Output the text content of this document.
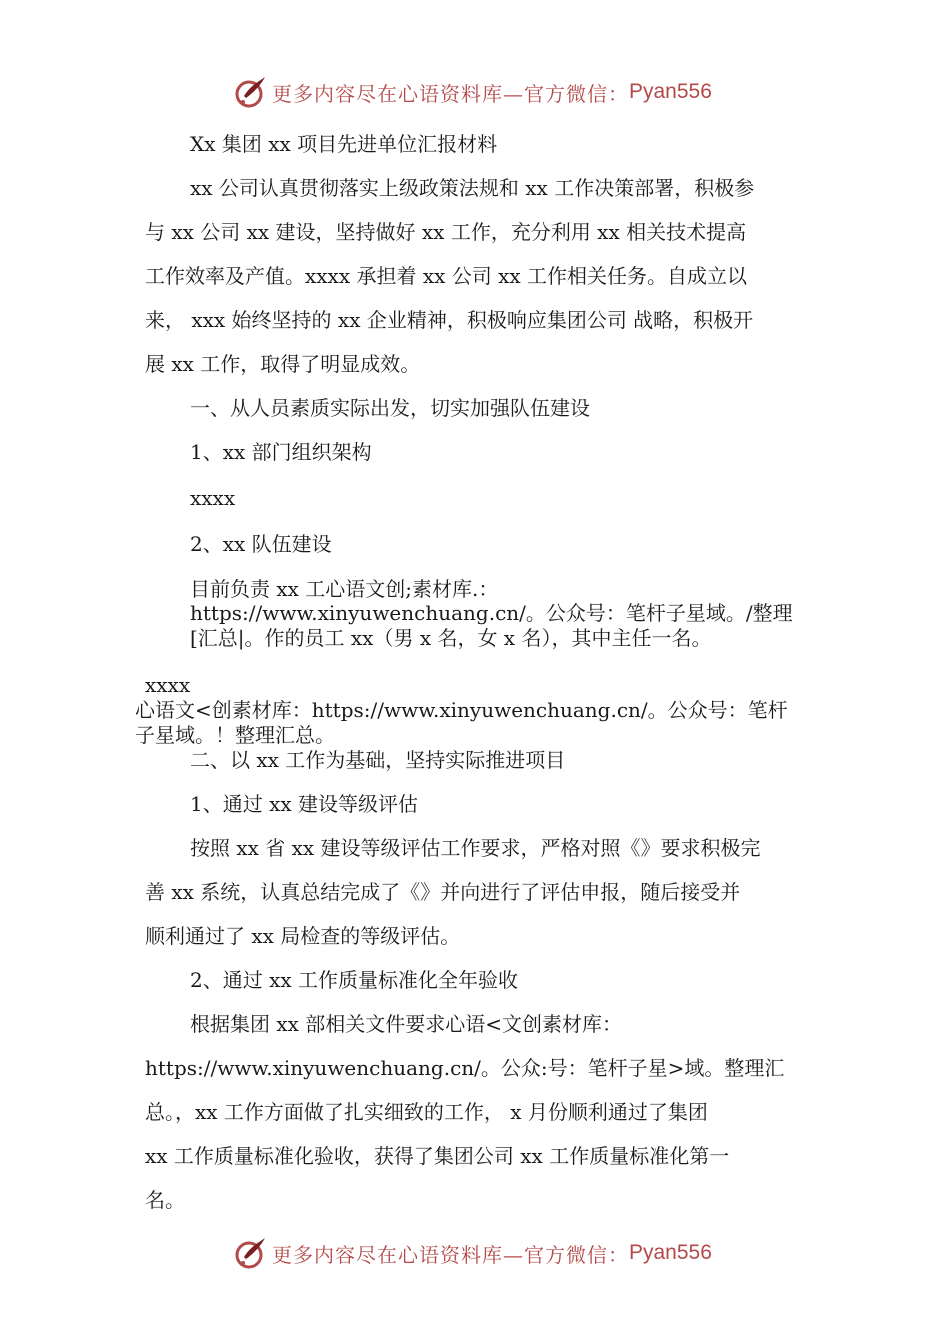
更多内容尽在心语资料库—官方微信： Pyan556
Xx 集团 xx 项目先进单位汇报材料
xx 公司认真贯彻落实上级政策法规和 xx 工作决策部署，积极参
与 xx 公司 xx 建设，坚持做好 xx 工作，充分利用 xx 相关技术提高
工作效率及产值。xxxx 承担着 xx 公司 xx 工作相关任务。自成立以
来， xxx 始终坚持的 xx 企业精神，积极响应集团公司 战略，积极开
展 xx 工作，取得了明显成效。
一、从人员素质实际出发，切实加强队伍建设
1、xx 部门组织架构
xxxx
2、xx 队伍建设
目前负责 xx 工心语文创;素材库.：
https://www.xinyuwenchuang.cn/。公众号：笔杆子星域。/整理
[汇总|。作的员工 xx（男 x 名，女 x 名），其中主任一名。
xxxx
心语文<创素材库：https://www.xinyuwenchuang.cn/。公众号：笔杆
子星域。！整理汇总。
二、以 xx 工作为基础，坚持实际推进项目
1、通过 xx 建设等级评估
按照 xx 省 xx 建设等级评估工作要求，严格对照《》要求积极完
善 xx 系统，认真总结完成了《》并向进行了评估申报，随后接受并
顺利通过了 xx 局检查的等级评估。
2、通过 xx 工作质量标准化全年验收
根据集团 xx 部相关文件要求心语<文创素材库：
https://www.xinyuwenchuang.cn/。公众:号：笔杆子星>域。整理汇
总。，xx 工作方面做了扎实细致的工作， x 月份顺利通过了集团
xx 工作质量标准化验收，获得了集团公司 xx 工作质量标准化第一
名。
更多内容尽在心语资料库—官方微信： Pyan556
